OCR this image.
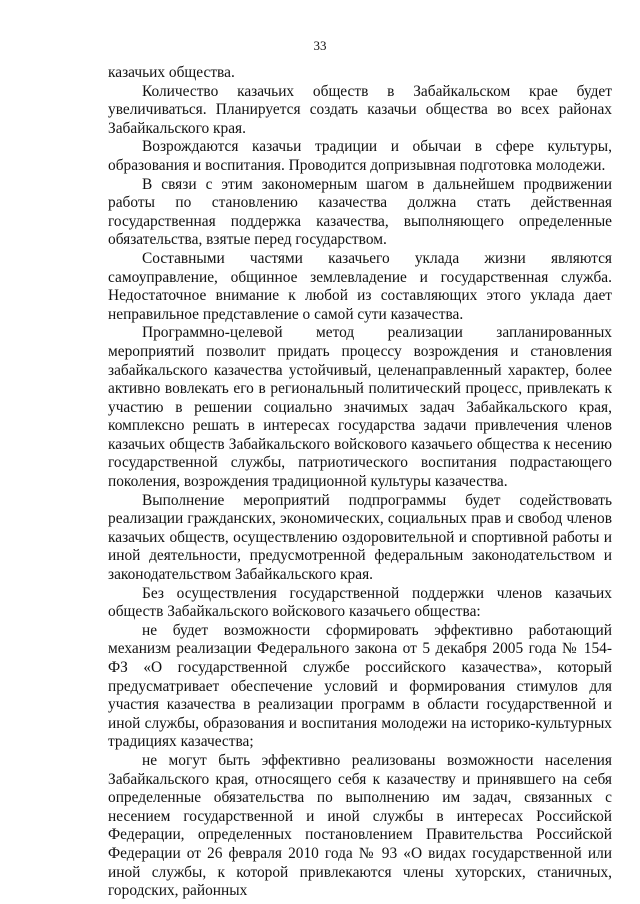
33

казачьих общества.

Количество казачьих обществ в Забайкальском крае будет увеличиваться. Планируется создать казачьи общества во всех районах Забайкальского края.

Возрождаются казачьи традиции и обычаи в сфере культуры, образования и воспитания. Проводится допризывная подготовка молодежи.

В связи с этим закономерным шагом в дальнейшем продвижении работы по становлению казачества должна стать действенная государственная поддержка казачества, выполняющего определенные обязательства, взятые перед государством.

Составными частями казачьего уклада жизни являются самоуправление, общинное землевладение и государственная служба. Недостаточное внимание к любой из составляющих этого уклада дает неправильное представление о самой сути казачества.

Программно-целевой метод реализации запланированных мероприятий позволит придать процессу возрождения и становления забайкальского казачества устойчивый, целенаправленный характер, более активно вовлекать его в региональный политический процесс, привлекать к участию в решении социально значимых задач Забайкальского края, комплексно решать в интересах государства задачи привлечения членов казачьих обществ Забайкальского войскового казачьего общества к несению государственной службы, патриотического воспитания подрастающего поколения, возрождения традиционной культуры казачества.

Выполнение мероприятий подпрограммы будет содействовать реализации гражданских, экономических, социальных прав и свобод членов казачьих обществ, осуществлению оздоровительной и спортивной работы и иной деятельности, предусмотренной федеральным законодательством и законодательством Забайкальского края.

Без осуществления государственной поддержки членов казачьих обществ Забайкальского войскового казачьего общества:

не будет возможности сформировать эффективно работающий механизм реализации Федерального закона от 5 декабря 2005 года № 154-ФЗ «О государственной службе российского казачества», который предусматривает обеспечение условий и формирования стимулов для участия казачества в реализации программ в области государственной и иной службы, образования и воспитания молодежи на историко-культурных традициях казачества;

не могут быть эффективно реализованы возможности населения Забайкальского края, относящего себя к казачеству и принявшего на себя определенные обязательства по выполнению им задач, связанных с несением государственной и иной службы в интересах Российской Федерации, определенных постановлением Правительства Российской Федерации от 26 февраля 2010 года № 93 «О видах государственной или иной службы, к которой привлекаются члены хуторских, станичных, городских, районных
